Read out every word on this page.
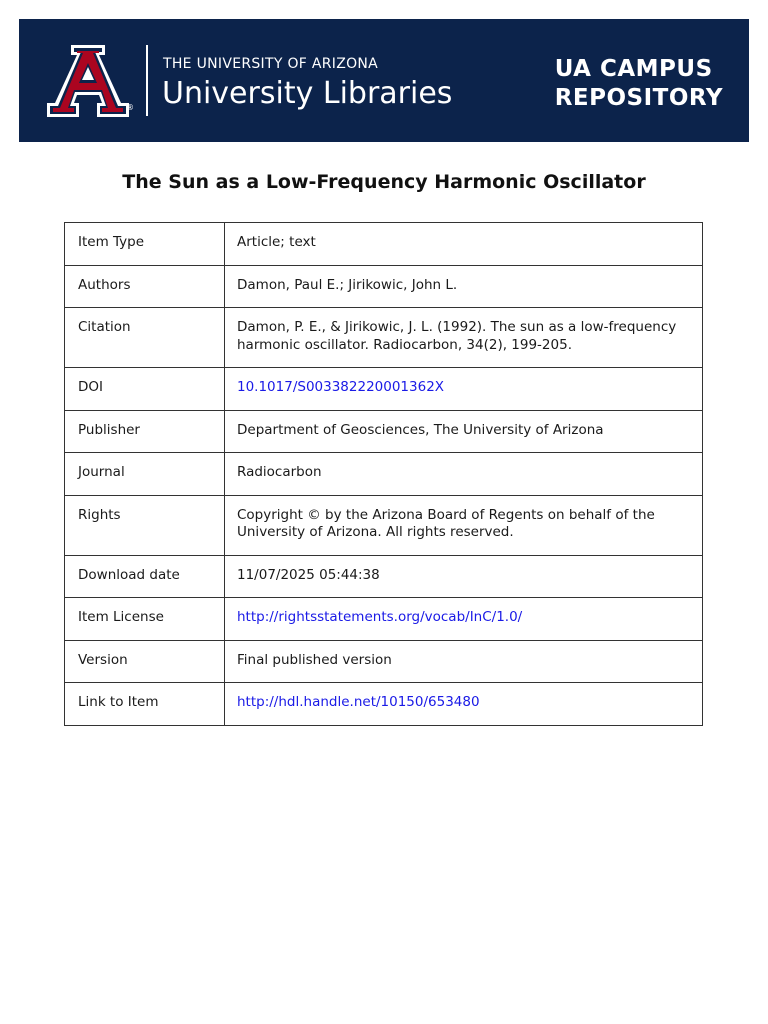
®
THE UNIVERSITY OF ARIZONA
University Libraries
UA CAMPUS
REPOSITORY
The Sun as a Low-Frequency Harmonic Oscillator
Item Type	Article; text
Authors	Damon, Paul E.; Jirikowic, John L.
Citation	Damon, P. E., & Jirikowic, J. L. (1992). The sun as a low-frequency harmonic oscillator. Radiocarbon, 34(2), 199-205.
DOI	10.1017/S003382220001362X
Publisher	Department of Geosciences, The University of Arizona
Journal	Radiocarbon
Rights	Copyright © by the Arizona Board of Regents on behalf of the University of Arizona. All rights reserved.
Download date	11/07/2025 05:44:38
Item License	http://rightsstatements.org/vocab/InC/1.0/
Version	Final published version
Link to Item	http://hdl.handle.net/10150/653480
